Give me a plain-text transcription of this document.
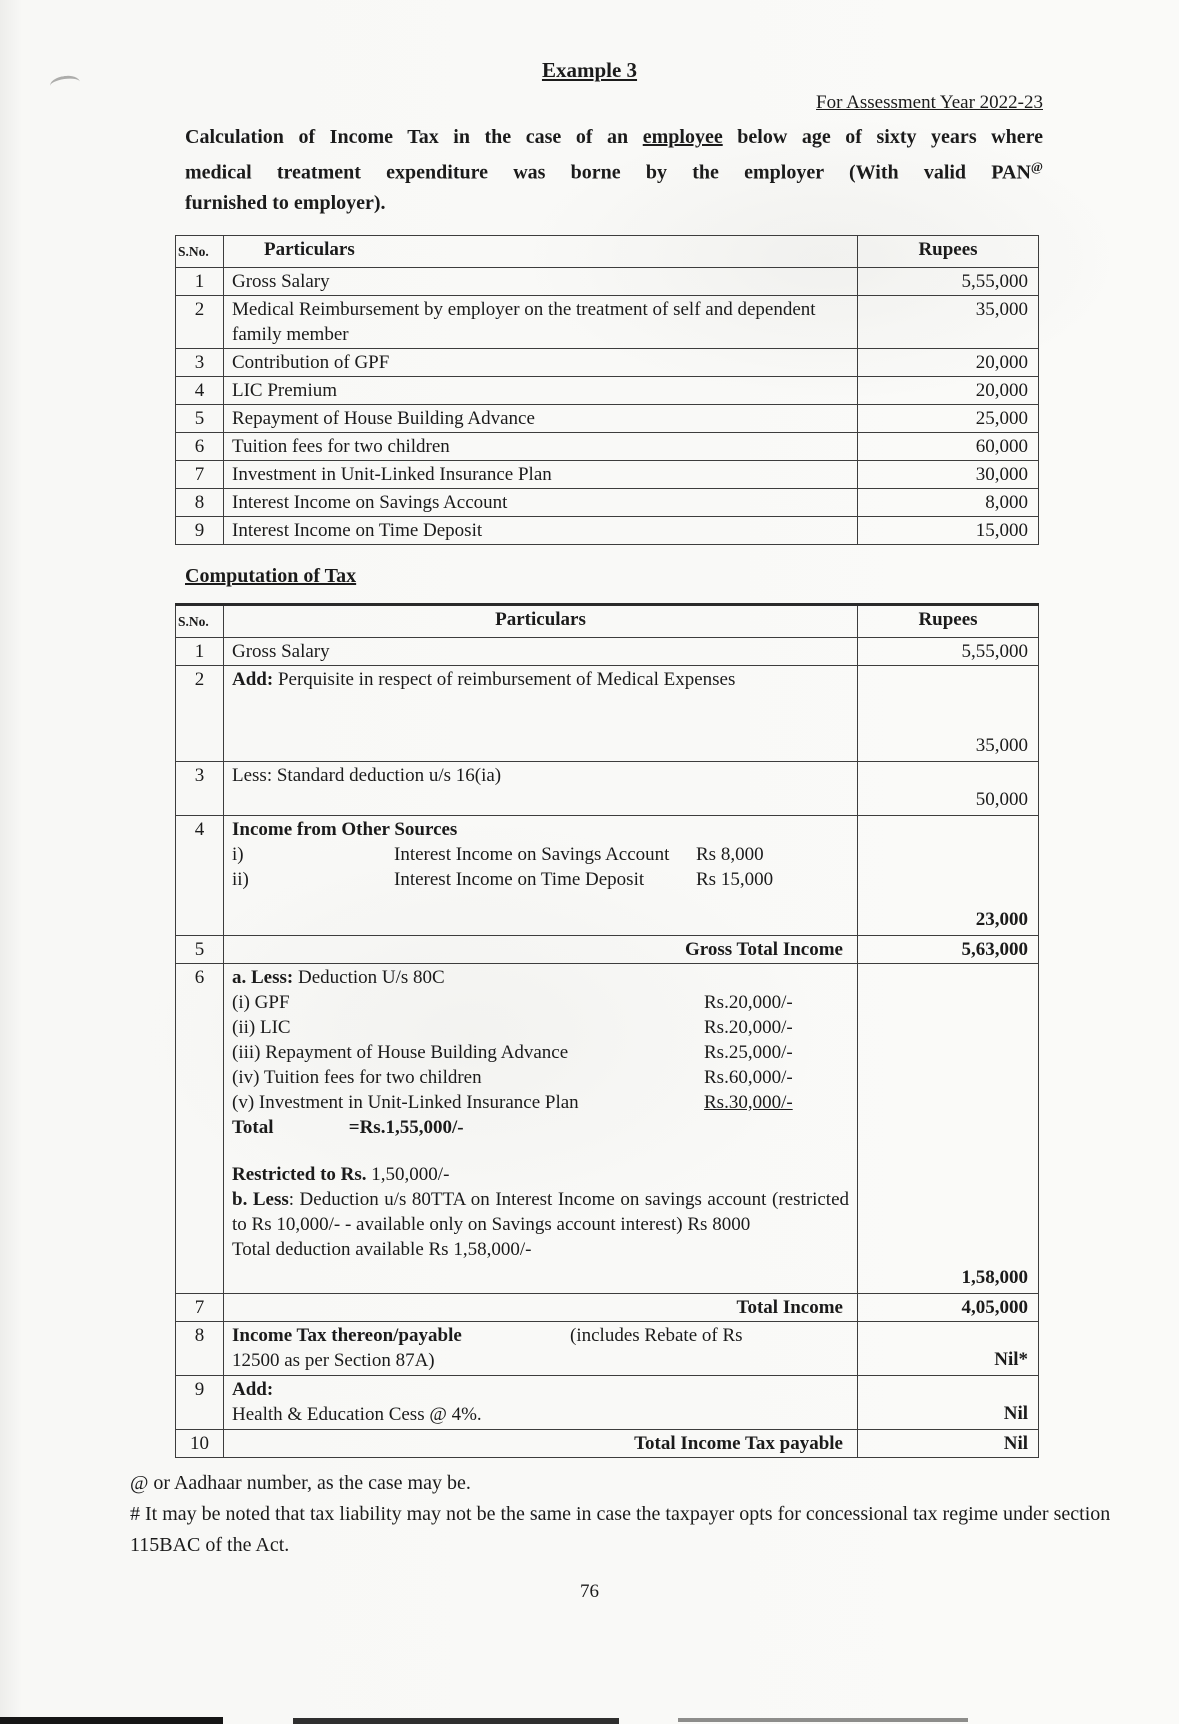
Example 3
For Assessment Year 2022-23
Calculation of Income Tax in the case of an employee below age of sixty years where
medical treatment expenditure was borne by the employer (With valid PAN@
furnished to employer).
S.No.	Particulars	Rupees
1	Gross Salary	5,55,000
2	Medical Reimbursement by employer on the treatment of self and dependent family member	35,000
3	Contribution of GPF	20,000
4	LIC Premium	20,000
5	Repayment of House Building Advance	25,000
6	Tuition fees for two children	60,000
7	Investment in Unit-Linked Insurance Plan	30,000
8	Interest Income on Savings Account	8,000
9	Interest Income on Time Deposit	15,000
Computation of Tax
S.No.	Particulars	Rupees
1	Gross Salary	5,55,000
2	Add: Perquisite in respect of reimbursement of Medical Expenses	35,000
3	Less: Standard deduction u/s 16(ia)	50,000
4	Income from Other Sources
i)	Interest Income on Savings Account	Rs 8,000
ii)	Interest Income on Time Deposit	Rs 15,000
	23,000
5	Gross Total Income	5,63,000
6	a. Less: Deduction U/s 80C
(i) GPF	Rs.20,000/-
(ii) LIC	Rs.20,000/-
(iii) Repayment of House Building Advance	Rs.25,000/-
(iv) Tuition fees for two children	Rs.60,000/-
(v) Investment in Unit-Linked Insurance Plan	Rs.30,000/-
Total	=Rs.1,55,000/-
Restricted to Rs. 1,50,000/-
b. Less: Deduction u/s 80TTA on Interest Income on savings account (restricted to Rs 10,000/- - available only on Savings account interest) Rs 8000
Total deduction available Rs 1,58,000/-
	1,58,000
7	Total Income	4,05,000
8	Income Tax thereon/payable (includes Rebate of Rs
12500 as per Section 87A)	Nil*
9	Add:
Health & Education Cess @ 4%.	Nil
10	Total Income Tax payable	Nil
@ or Aadhaar number, as the case may be.
# It may be noted that tax liability may not be the same in case the taxpayer opts for concessional tax regime under section 115BAC of the Act.
76
